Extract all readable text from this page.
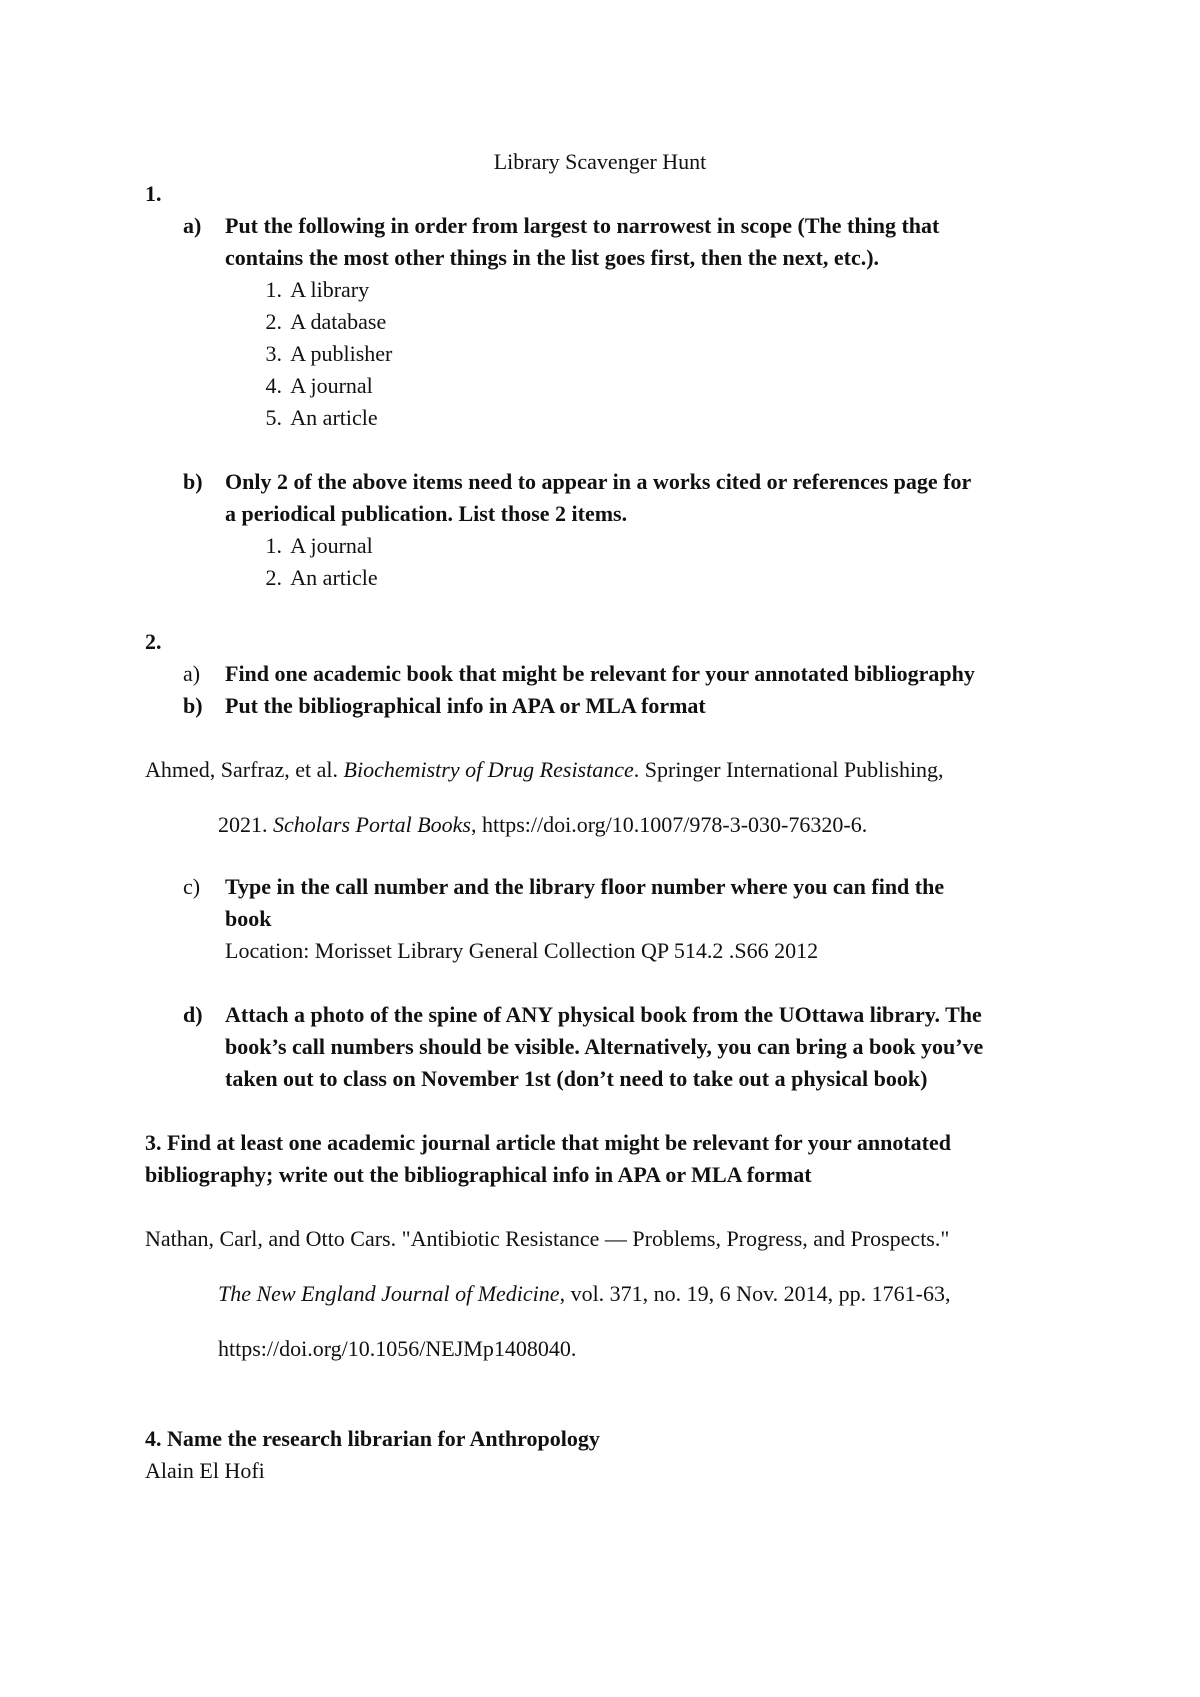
Library Scavenger Hunt
1.
a) Put the following in order from largest to narrowest in scope (The thing that
contains the most other things in the list goes first, then the next, etc.).
1. A library
2. A database
3. A publisher
4. A journal
5. An article
b) Only 2 of the above items need to appear in a works cited or references page for
a periodical publication. List those 2 items.
1. A journal
2. An article
2.
a) Find one academic book that might be relevant for your annotated bibliography
b) Put the bibliographical info in APA or MLA format
Ahmed, Sarfraz, et al. Biochemistry of Drug Resistance. Springer International Publishing,
2021. Scholars Portal Books, https://doi.org/10.1007/978-3-030-76320-6.
c) Type in the call number and the library floor number where you can find the
book
Location: Morisset Library General Collection QP 514.2 .S66 2012
d) Attach a photo of the spine of ANY physical book from the UOttawa library. The
book’s call numbers should be visible. Alternatively, you can bring a book you’ve
taken out to class on November 1st (don’t need to take out a physical book)
3. Find at least one academic journal article that might be relevant for your annotated
bibliography; write out the bibliographical info in APA or MLA format
Nathan, Carl, and Otto Cars. "Antibiotic Resistance — Problems, Progress, and Prospects."
The New England Journal of Medicine, vol. 371, no. 19, 6 Nov. 2014, pp. 1761-63,
https://doi.org/10.1056/NEJMp1408040.
4. Name the research librarian for Anthropology
Alain El Hofi
